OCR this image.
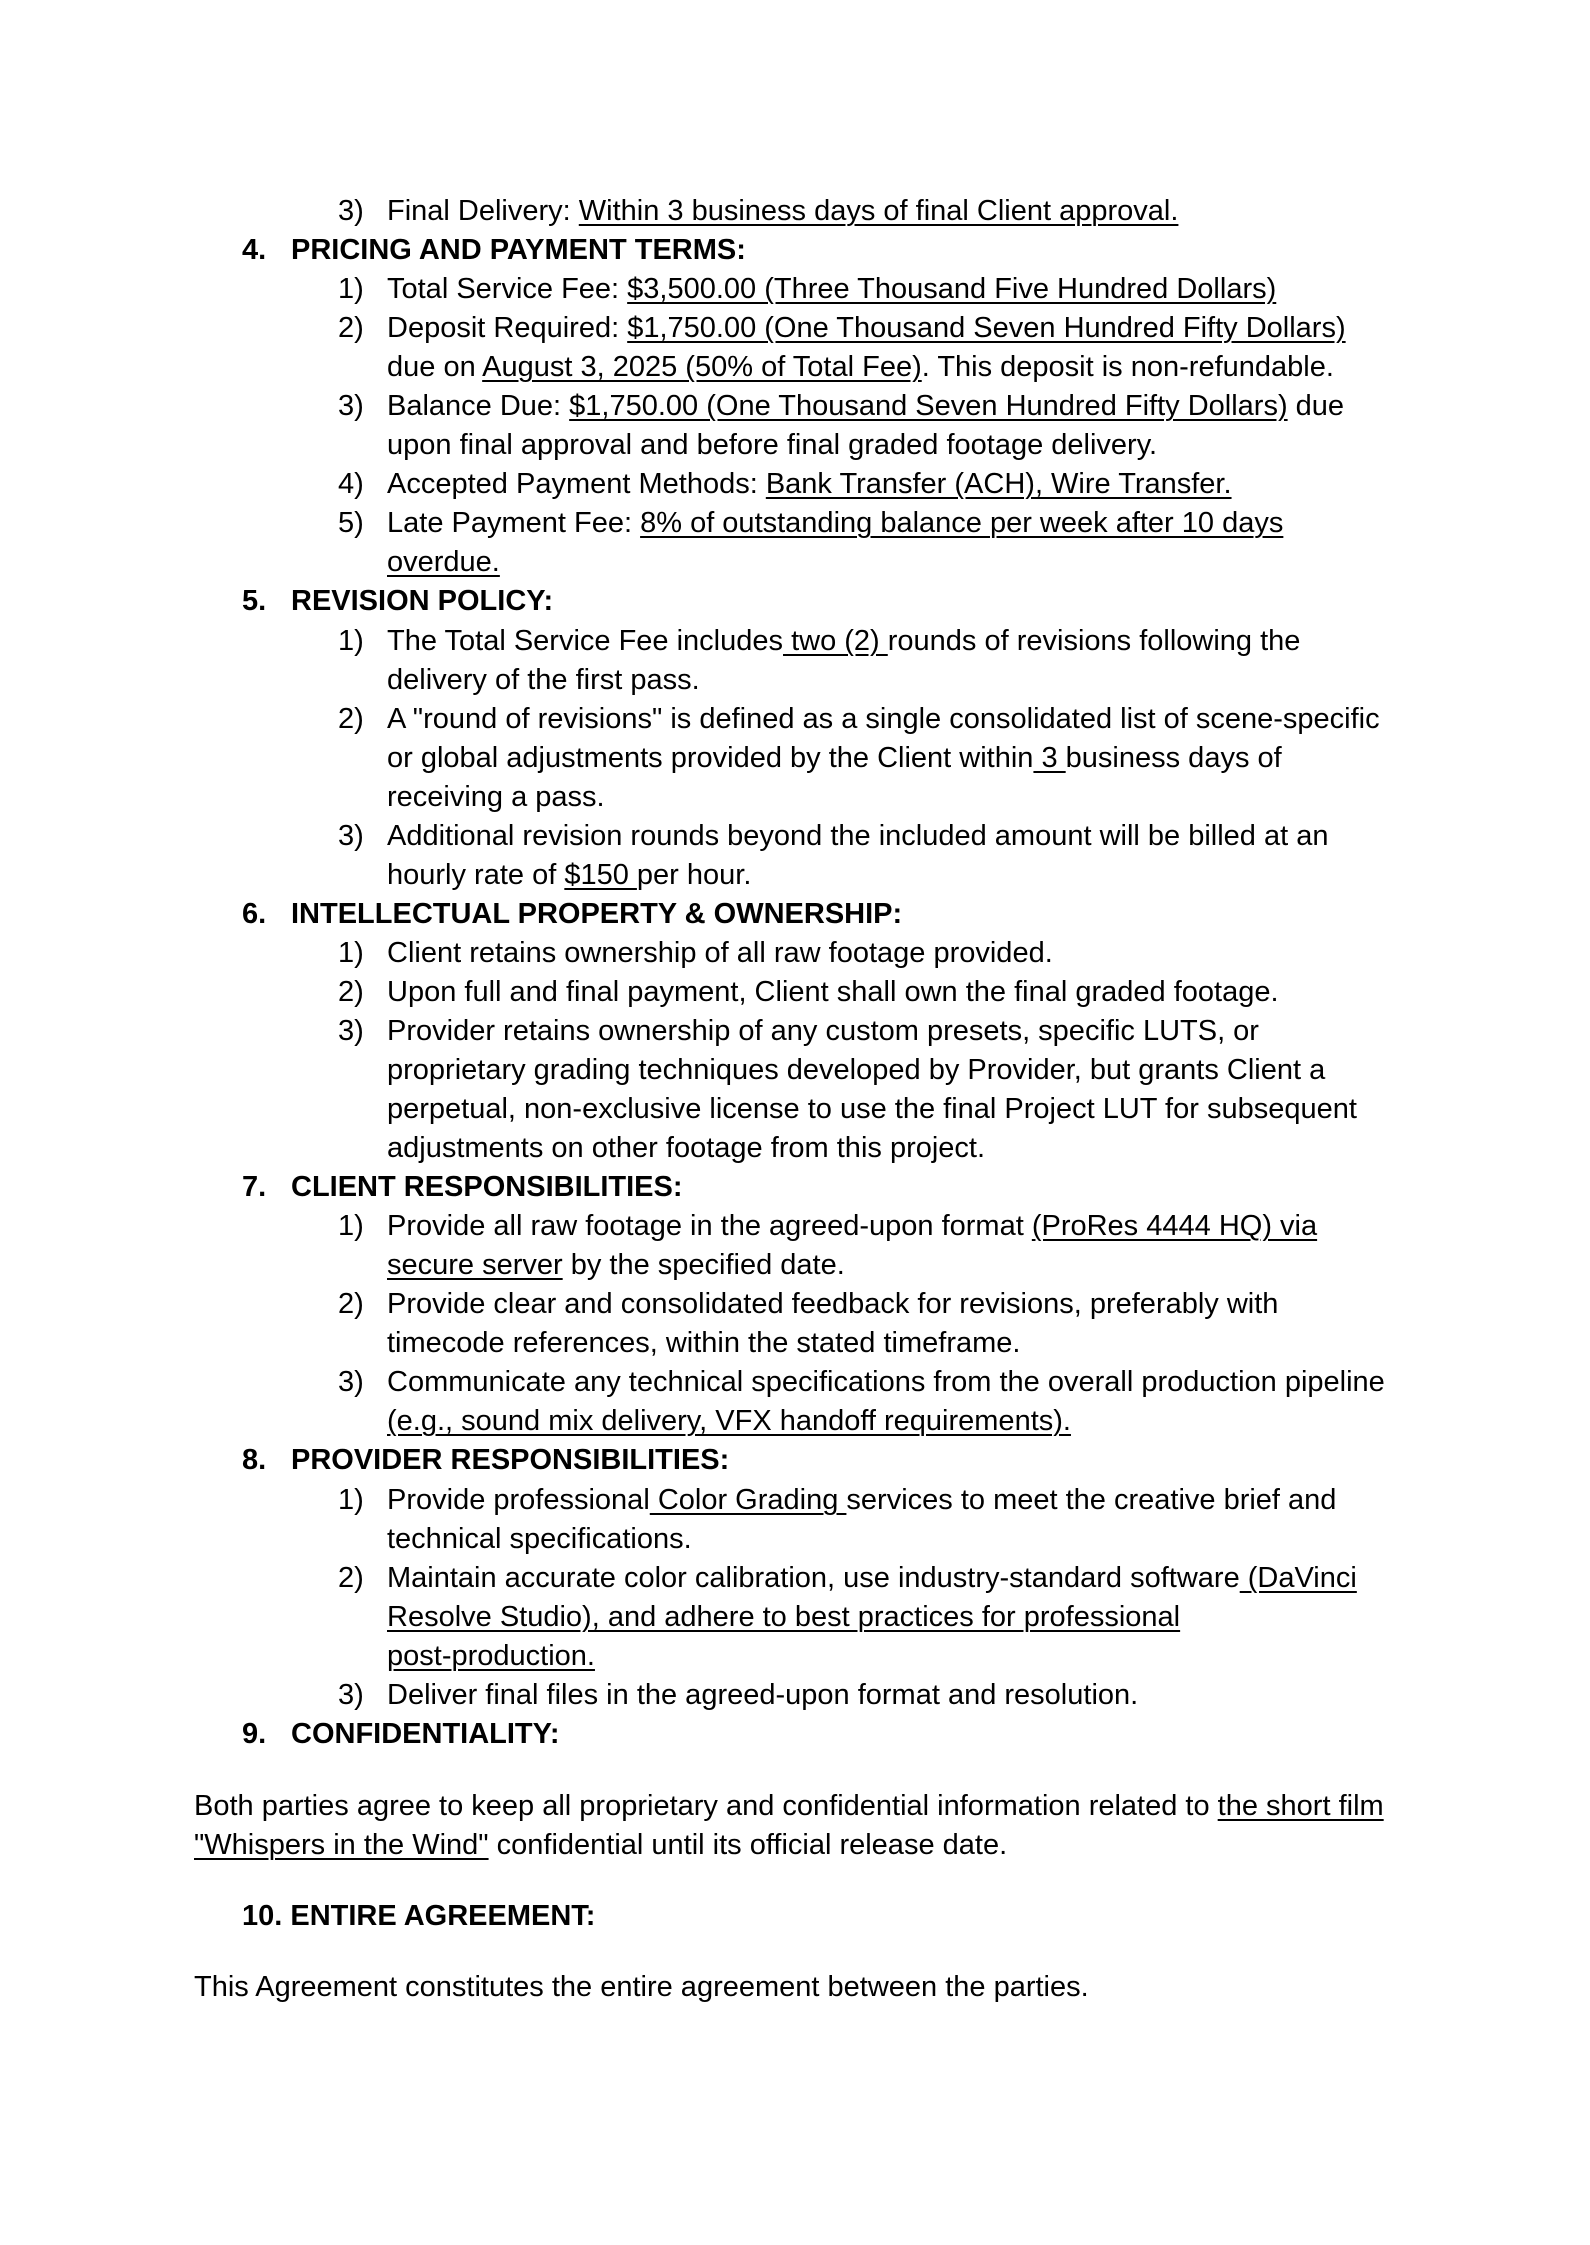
3) Final Delivery: Within 3 business days of final Client approval.
4. PRICING AND PAYMENT TERMS:
1) Total Service Fee: $3,500.00 (Three Thousand Five Hundred Dollars)
2) Deposit Required: $1,750.00 (One Thousand Seven Hundred Fifty Dollars)
due on August 3, 2025 (50% of Total Fee). This deposit is non-refundable.
3) Balance Due: $1,750.00 (One Thousand Seven Hundred Fifty Dollars) due
upon final approval and before final graded footage delivery.
4) Accepted Payment Methods: Bank Transfer (ACH), Wire Transfer.
5) Late Payment Fee: 8% of outstanding balance per week after 10 days
overdue.
5. REVISION POLICY:
1) The Total Service Fee includes two (2) rounds of revisions following the
delivery of the first pass.
2) A "round of revisions" is defined as a single consolidated list of scene-specific
or global adjustments provided by the Client within 3 business days of
receiving a pass.
3) Additional revision rounds beyond the included amount will be billed at an
hourly rate of $150 per hour.
6. INTELLECTUAL PROPERTY & OWNERSHIP:
1) Client retains ownership of all raw footage provided.
2) Upon full and final payment, Client shall own the final graded footage.
3) Provider retains ownership of any custom presets, specific LUTS, or
proprietary grading techniques developed by Provider, but grants Client a
perpetual, non-exclusive license to use the final Project LUT for subsequent
adjustments on other footage from this project.
7. CLIENT RESPONSIBILITIES:
1) Provide all raw footage in the agreed-upon format (ProRes 4444 HQ) via
secure server by the specified date.
2) Provide clear and consolidated feedback for revisions, preferably with
timecode references, within the stated timeframe.
3) Communicate any technical specifications from the overall production pipeline
(e.g., sound mix delivery, VFX handoff requirements).
8. PROVIDER RESPONSIBILITIES:
1) Provide professional Color Grading services to meet the creative brief and
technical specifications.
2) Maintain accurate color calibration, use industry-standard software (DaVinci
Resolve Studio), and adhere to best practices for professional
post-production.
3) Deliver final files in the agreed-upon format and resolution.
9. CONFIDENTIALITY:
Both parties agree to keep all proprietary and confidential information related to the short film
"Whispers in the Wind" confidential until its official release date.
10. ENTIRE AGREEMENT:
This Agreement constitutes the entire agreement between the parties.
